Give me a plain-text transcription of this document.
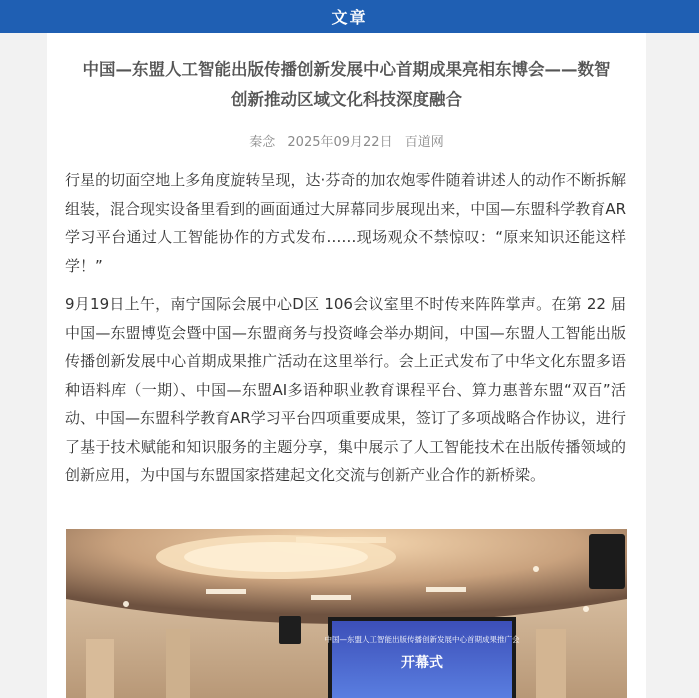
文章
中国—东盟人工智能出版传播创新发展中心首期成果亮相东博会——数智创新推动区域文化科技深度融合
秦念 2025年09月22日 百道网
行星的切面空地上多角度旋转呈现，达·芬奇的加农炮零件随着讲述人的动作不断拆解组装，混合现实设备里看到的画面通过大屏幕同步展现出来，中国—东盟科学教育AR 学习平台通过人工智能协作的方式发布……现场观众不禁惊叹：“原来知识还能这样学！”
9月19日上午，南宁国际会展中心D区 106会议室里不时传来阵阵掌声。在第 22 届中国—东盟博览会暨中国—东盟商务与投资峰会举办期间，中国—东盟人工智能出版传播创新发展中心首期成果推广活动在这里举行。会上正式发布了中华文化东盟多语种语料库（一期）、中国—东盟AI多语种职业教育课程平台、算力惠普东盟“双百”活动、中国—东盟科学教育AR学习平台四项重要成果，签订了多项战略合作协议，进行了基于技术赋能和知识服务的主题分享，集中展示了人工智能技术在出版传播领域的创新应用，为中国与东盟国家搭建起文化交流与创新产业合作的新桥梁。
中国—东盟人工智能出版传播创新发展中心首期成果推广会
开幕式
